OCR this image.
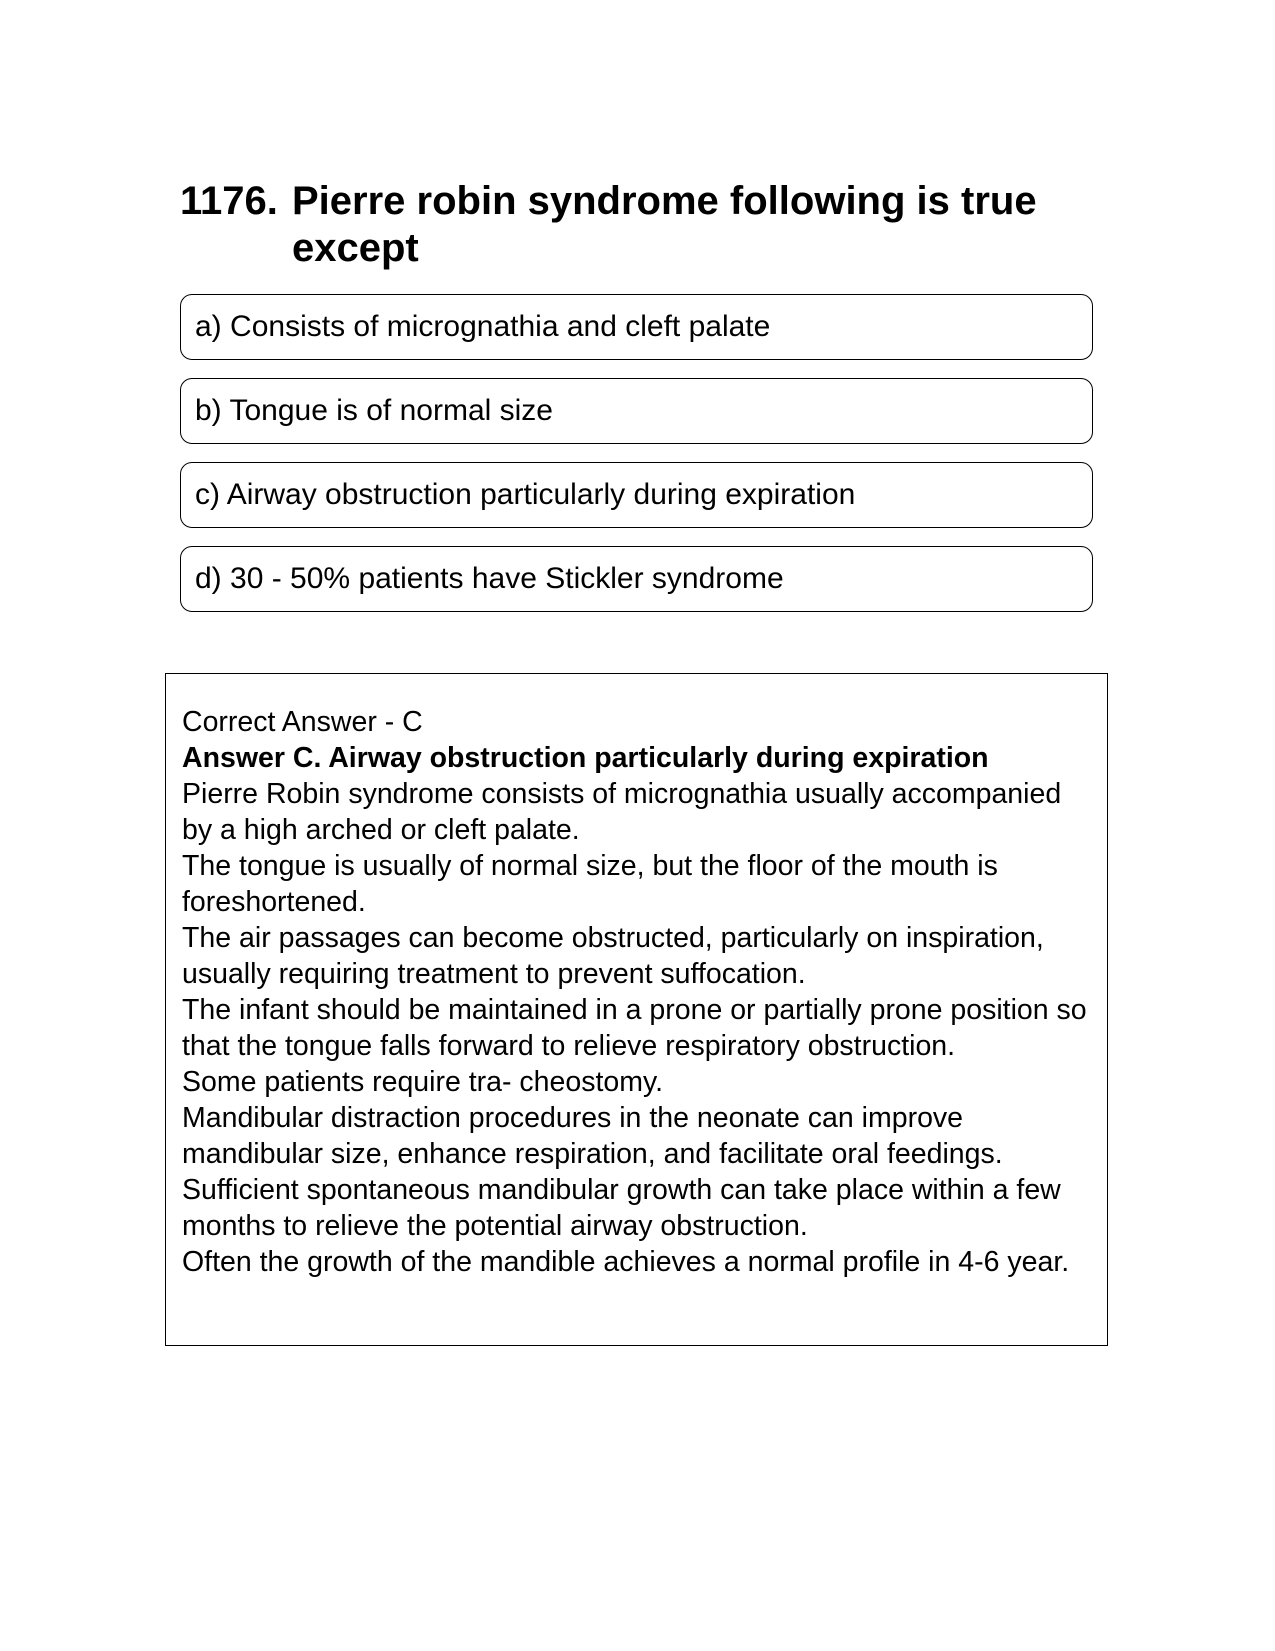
1176. Pierre robin syndrome following is true except
a) Consists of micrognathia and cleft palate
b) Tongue is of normal size
c) Airway obstruction particularly during expiration
d) 30 - 50% patients have Stickler syndrome

Correct Answer - C

Answer C. Airway obstruction particularly during expiration

Pierre Robin syndrome consists of micrognathia usually accompanied by a high arched or cleft palate.

The tongue is usually of normal size, but the floor of the mouth is foreshortened.

The air passages can become obstructed, particularly on inspiration, usually requiring treatment to prevent suffocation.

The infant should be maintained in a prone or partially prone position so that the tongue falls forward to relieve respiratory obstruction.

Some patients require tra- cheostomy.

Mandibular distraction procedures in the neonate can improve mandibular size, enhance respiration, and facilitate oral feedings.

Sufficient spontaneous mandibular growth can take place within a few months to relieve the potential airway obstruction.

Often the growth of the mandible achieves a normal profile in 4-6 year.
